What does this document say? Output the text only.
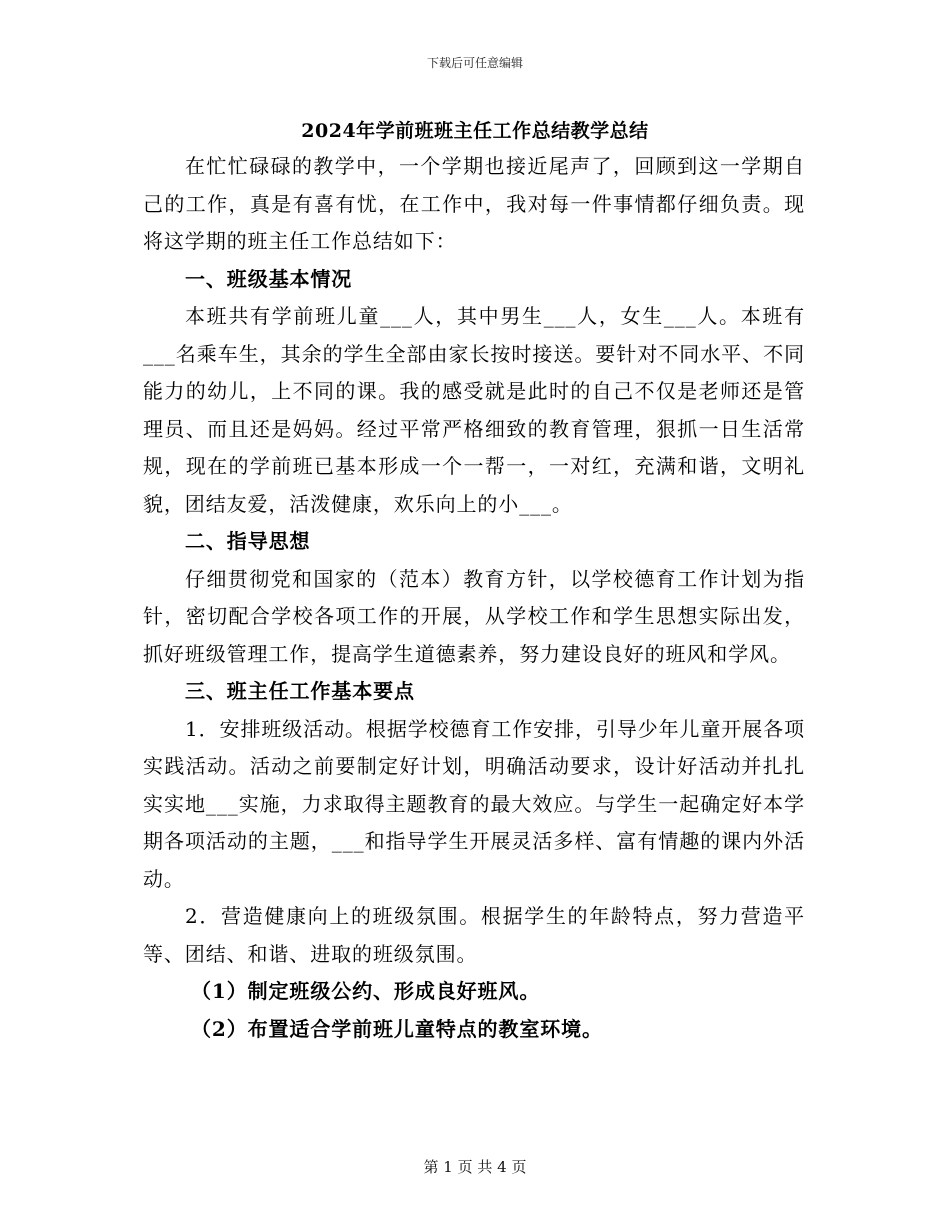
下载后可任意编辑
2024年学前班班主任工作总结教学总结

在忙忙碌碌的教学中，一个学期也接近尾声了，回顾到这一学期自己的工作，真是有喜有忧，在工作中，我对每一件事情都仔细负责。现将这学期的班主任工作总结如下：

一、班级基本情况

本班共有学前班儿童___人，其中男生___人，女生___人。本班有___名乘车生，其余的学生全部由家长按时接送。要针对不同水平、不同能力的幼儿，上不同的课。我的感受就是此时的自己不仅是老师还是管理员、而且还是妈妈。经过平常严格细致的教育管理，狠抓一日生活常规，现在的学前班已基本形成一个一帮一，一对红，充满和谐，文明礼貌，团结友爱，活泼健康，欢乐向上的小___。

二、指导思想

仔细贯彻党和国家的（范本）教育方针，以学校德育工作计划为指针，密切配合学校各项工作的开展，从学校工作和学生思想实际出发，抓好班级管理工作，提高学生道德素养，努力建设良好的班风和学风。

三、班主任工作基本要点

1．安排班级活动。根据学校德育工作安排，引导少年儿童开展各项实践活动。活动之前要制定好计划，明确活动要求，设计好活动并扎扎实实地___实施，力求取得主题教育的最大效应。与学生一起确定好本学期各项活动的主题，___和指导学生开展灵活多样、富有情趣的课内外活动。

2．营造健康向上的班级氛围。根据学生的年龄特点，努力营造平等、团结、和谐、进取的班级氛围。

（1）制定班级公约、形成良好班风。

（2）布置适合学前班儿童特点的教室环境。

第 1 页 共 4 页
